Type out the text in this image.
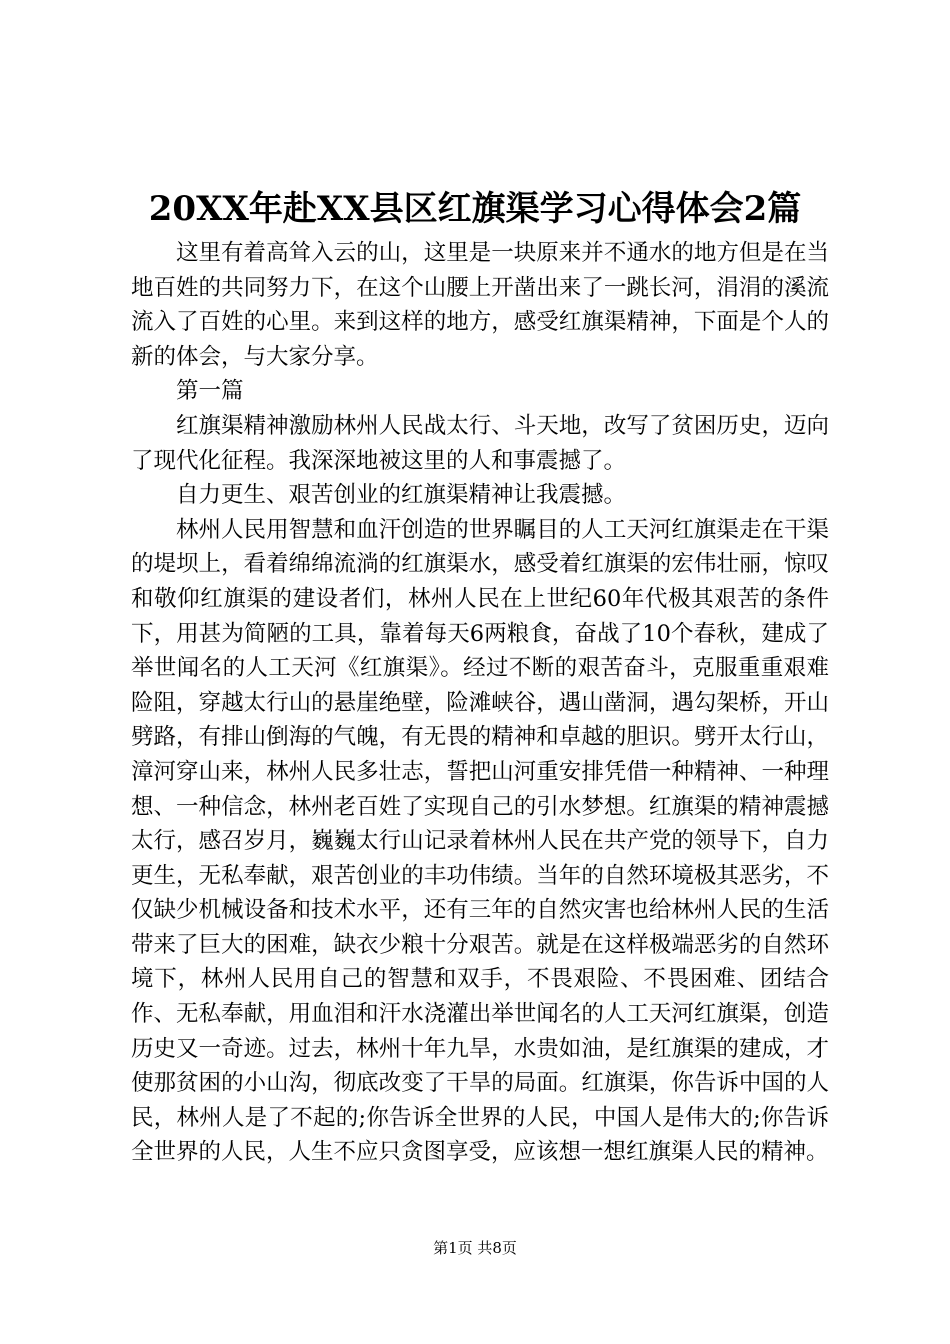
20XX年赴XX县区红旗渠学习心得体会2篇

这里有着高耸入云的山，这里是一块原来并不通水的地方但是在当地百姓的共同努力下，在这个山腰上开凿出来了一跳长河，涓涓的溪流流入了百姓的心里。来到这样的地方，感受红旗渠精神，下面是个人的新的体会，与大家分享。

第一篇

红旗渠精神激励林州人民战太行、斗天地，改写了贫困历史，迈向了现代化征程。我深深地被这里的人和事震撼了。

自力更生、艰苦创业的红旗渠精神让我震撼。

林州人民用智慧和血汗创造的世界瞩目的人工天河红旗渠走在干渠的堤坝上，看着绵绵流淌的红旗渠水，感受着红旗渠的宏伟壮丽，惊叹和敬仰红旗渠的建设者们，林州人民在上世纪60年代极其艰苦的条件下，用甚为简陋的工具，靠着每天6两粮食，奋战了10个春秋，建成了举世闻名的人工天河《红旗渠》。经过不断的艰苦奋斗，克服重重艰难险阻，穿越太行山的悬崖绝壁，险滩峡谷，遇山凿洞，遇勾架桥，开山劈路，有排山倒海的气魄，有无畏的精神和卓越的胆识。劈开太行山，漳河穿山来，林州人民多壮志，誓把山河重安排凭借一种精神、一种理想、一种信念，林州老百姓了实现自己的引水梦想。红旗渠的精神震撼太行，感召岁月，巍巍太行山记录着林州人民在共产党的领导下，自力更生，无私奉献，艰苦创业的丰功伟绩。当年的自然环境极其恶劣，不仅缺少机械设备和技术水平，还有三年的自然灾害也给林州人民的生活带来了巨大的困难，缺衣少粮十分艰苦。就是在这样极端恶劣的自然环境下，林州人民用自己的智慧和双手，不畏艰险、不畏困难、团结合作、无私奉献，用血泪和汗水浇灌出举世闻名的人工天河红旗渠，创造历史又一奇迹。过去，林州十年九旱，水贵如油，是红旗渠的建成，才使那贫困的小山沟，彻底改变了干旱的局面。红旗渠，你告诉中国的人民，林州人是了不起的;你告诉全世界的人民，中国人是伟大的;你告诉全世界的人民，人生不应只贪图享受，应该想一想红旗渠人民的精神。

第1页 共8页
